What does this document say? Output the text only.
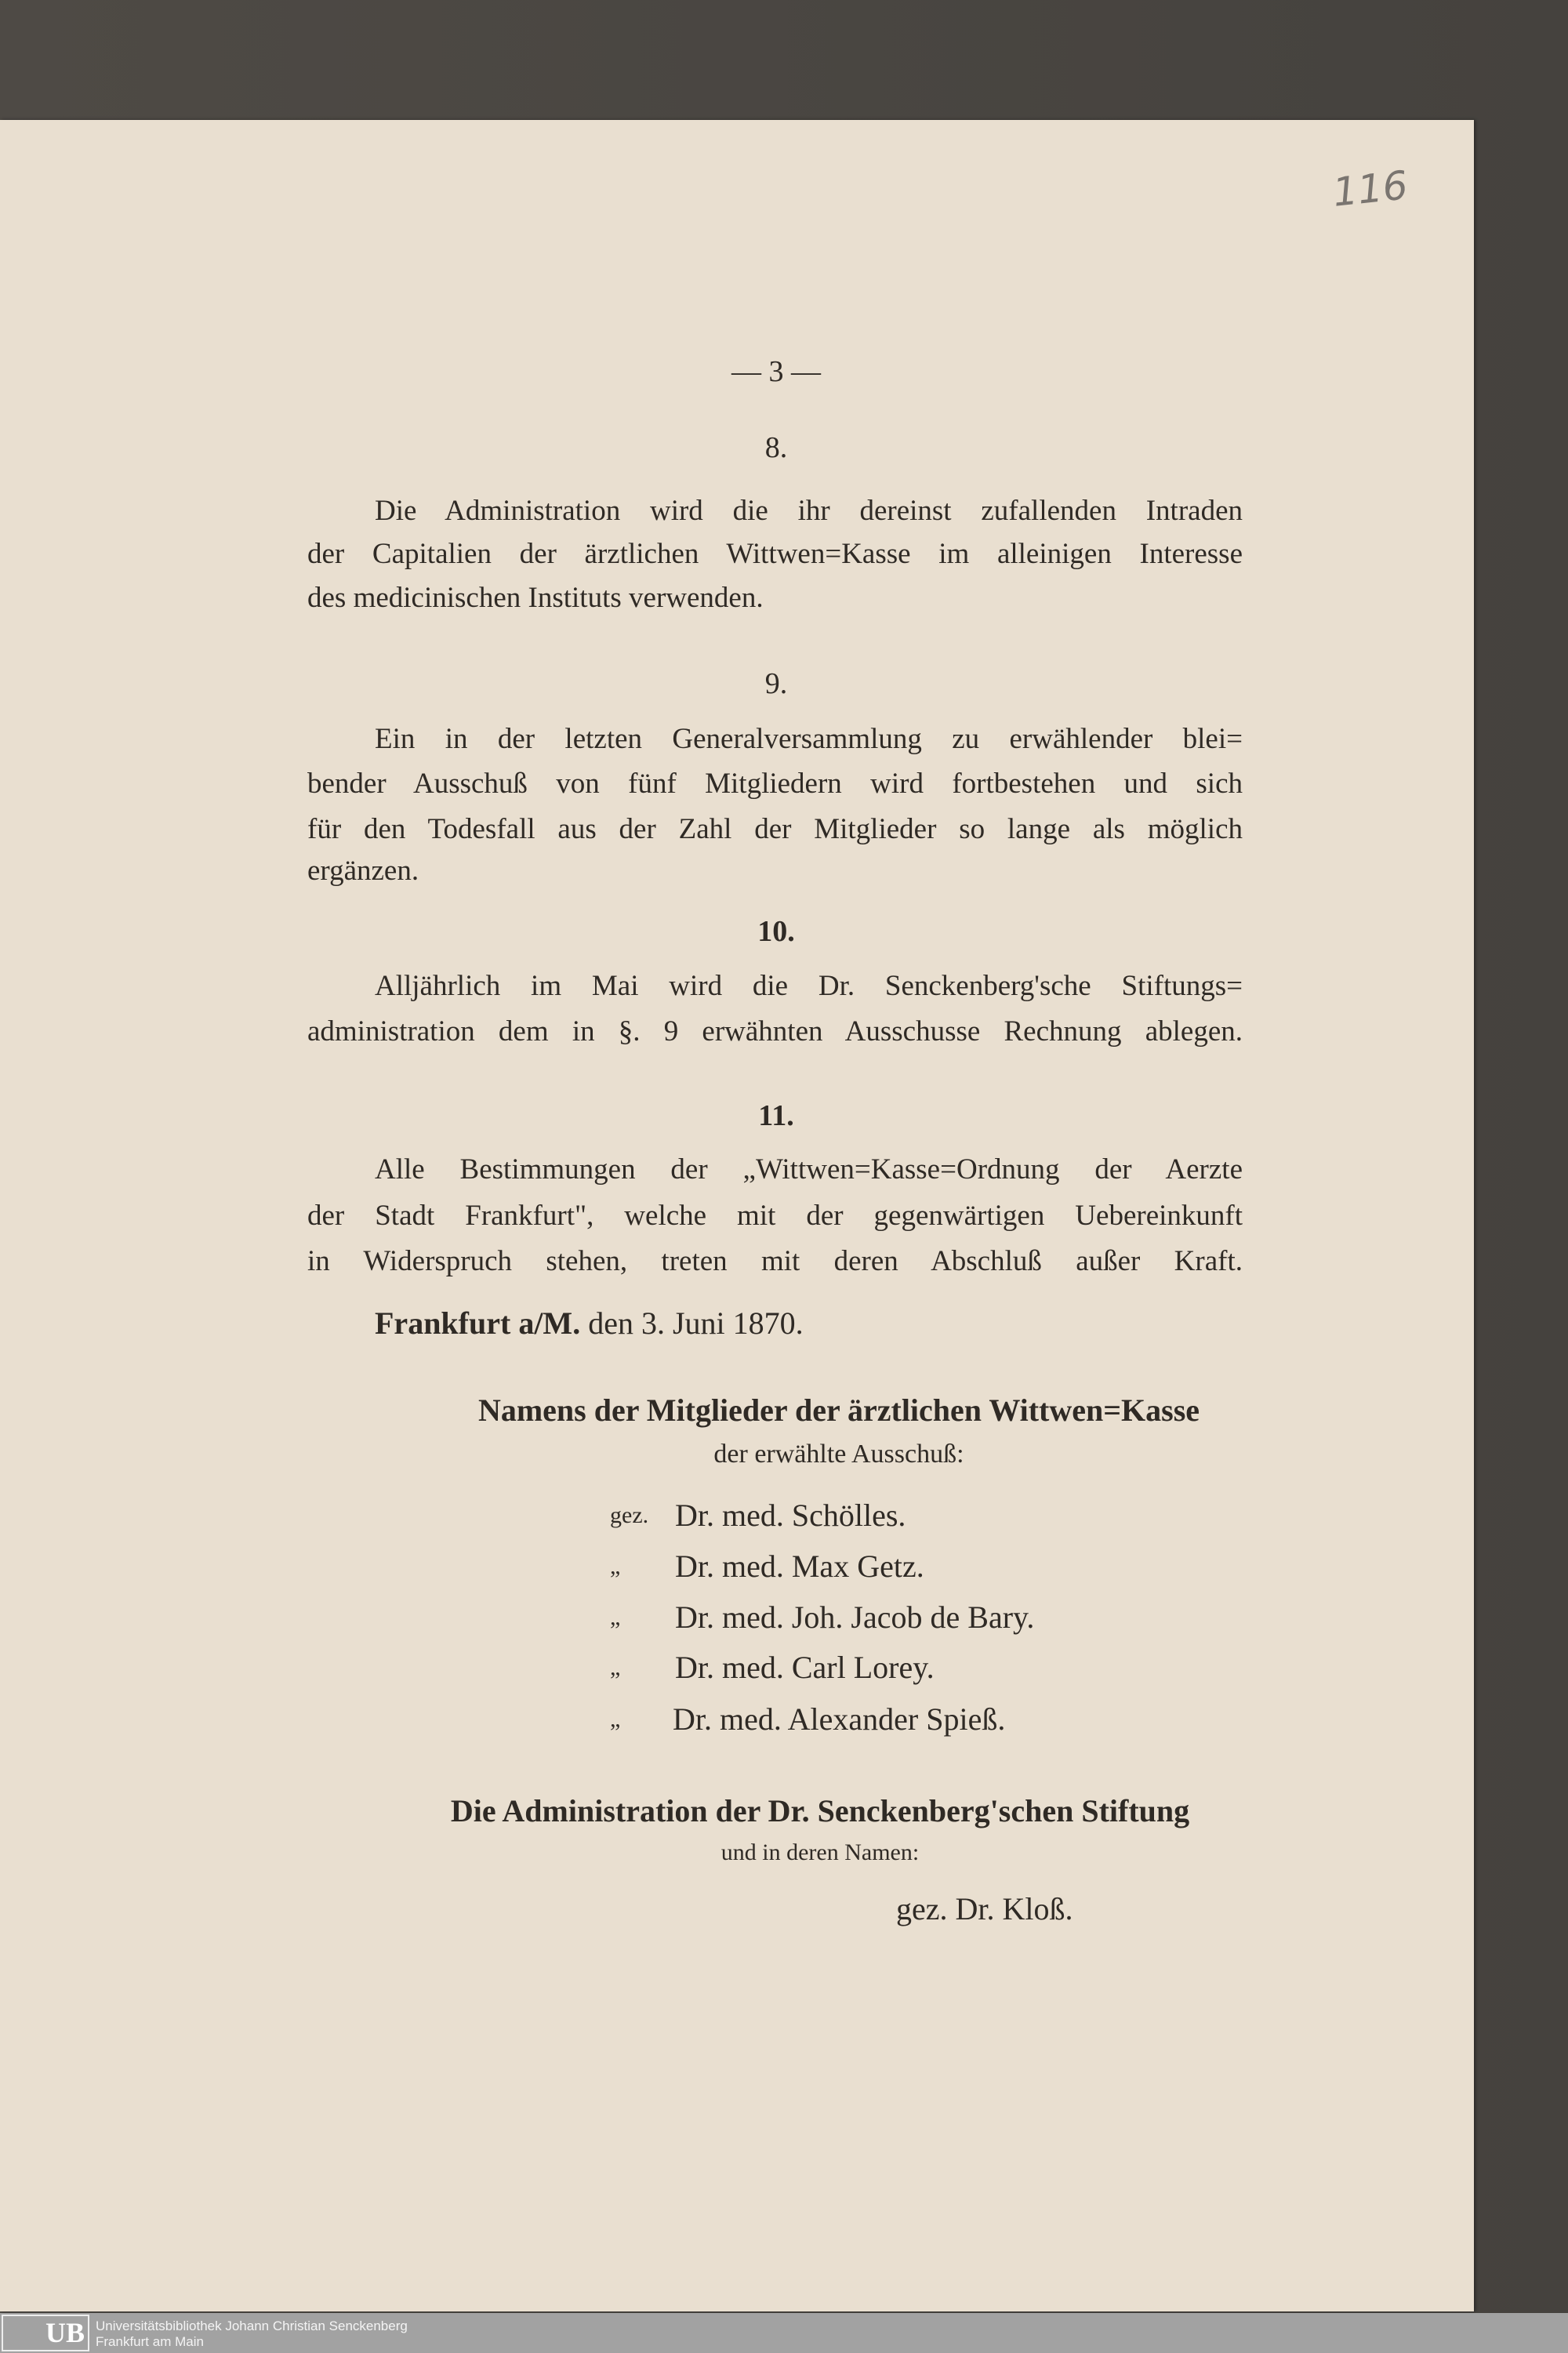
116
— 3 —
8.
Die Administration wird die ihr dereinst zufallenden Intraden
der Capitalien der ärztlichen Wittwen=Kasse im alleinigen Interesse
des medicinischen Instituts verwenden.
9.
Ein in der letzten Generalversammlung zu erwählender blei=
bender Ausschuß von fünf Mitgliedern wird fortbestehen und sich
für den Todesfall aus der Zahl der Mitglieder so lange als möglich
ergänzen.
10.
Alljährlich im Mai wird die Dr. Senckenberg'sche Stiftungs=
administration dem in §. 9 erwähnten Ausschusse Rechnung ablegen.
11.
Alle Bestimmungen der „Wittwen=Kasse=Ordnung der Aerzte
der Stadt Frankfurt", welche mit der gegenwärtigen Uebereinkunft
in Widerspruch stehen, treten mit deren Abschluß außer Kraft.
Frankfurt a/M. den 3. Juni 1870.
Namens der Mitglieder der ärztlichen Wittwen=Kasse
der erwählte Ausschuß:
gez. Dr. med. Schölles.
„ Dr. med. Max Getz.
„ Dr. med. Joh. Jacob de Bary.
„ Dr. med. Carl Lorey.
„ Dr. med. Alexander Spieß.
Die Administration der Dr. Senckenberg'schen Stiftung
und in deren Namen:
gez. Dr. Kloß.
UB Universitätsbibliothek Johann Christian Senckenberg
Frankfurt am Main
